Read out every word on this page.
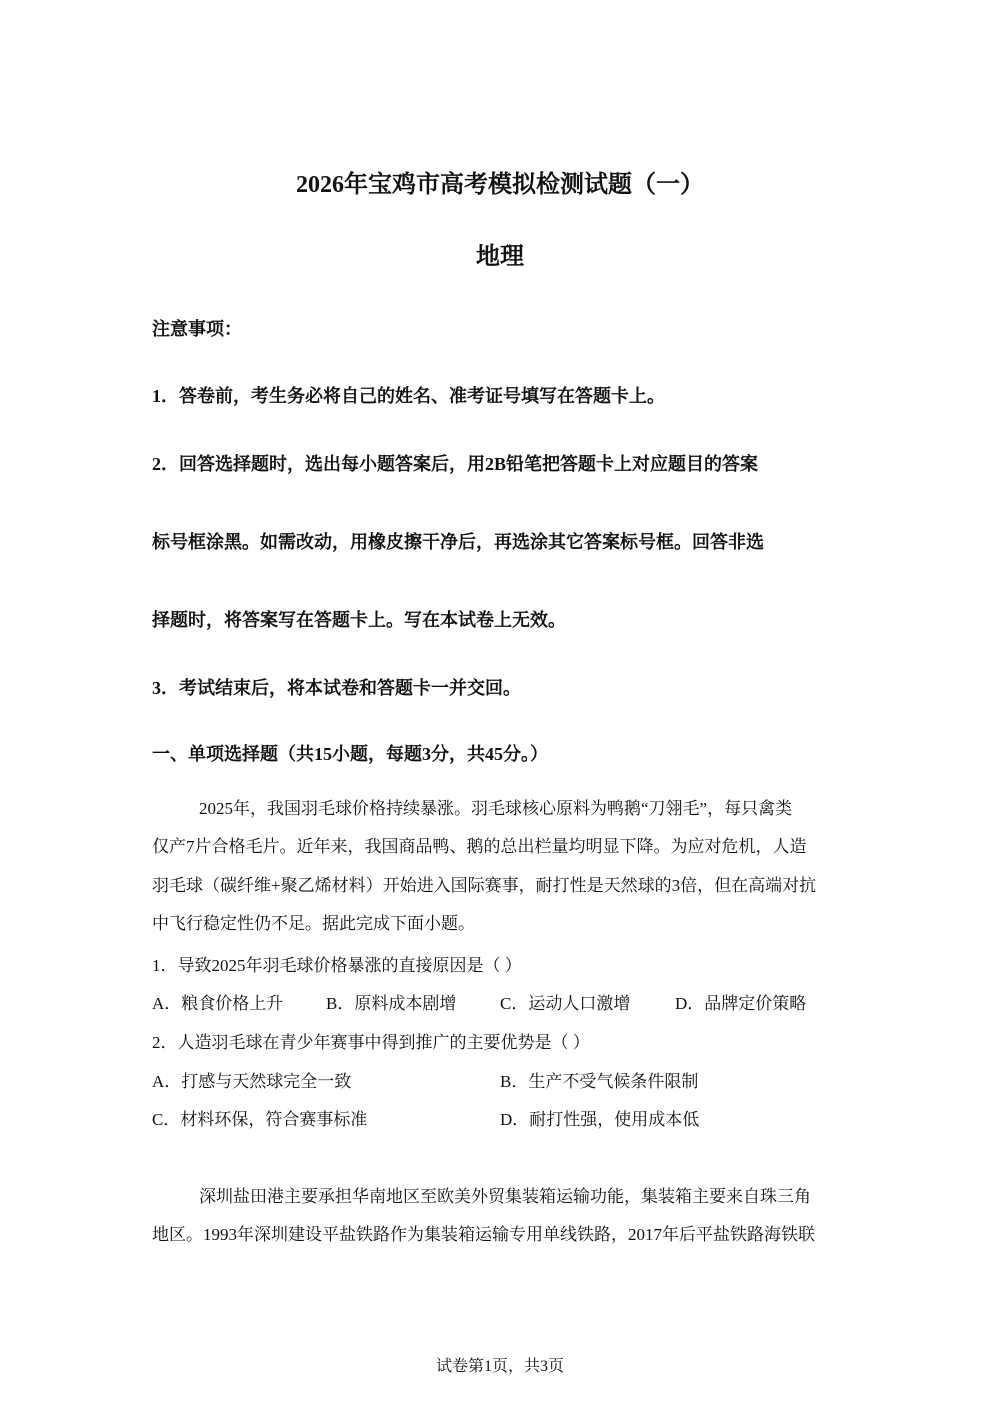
2026年宝鸡市高考模拟检测试题（一）
地理
注意事项：
1．答卷前，考生务必将自己的姓名、准考证号填写在答题卡上。
2．回答选择题时，选出每小题答案后，用2B铅笔把答题卡上对应题目的答案
标号框涂黑。如需改动，用橡皮擦干净后，再选涂其它答案标号框。回答非选
择题时，将答案写在答题卡上。写在本试卷上无效。
3．考试结束后，将本试卷和答题卡一并交回。
一、单项选择题（共15小题，每题3分，共45分。）
2025年，我国羽毛球价格持续暴涨。羽毛球核心原料为鸭鹅“刀翎毛”，每只禽类
仅产7片合格毛片。近年来，我国商品鸭、鹅的总出栏量均明显下降。为应对危机，人造
羽毛球（碳纤维+聚乙烯材料）开始进入国际赛事，耐打性是天然球的3倍，但在高端对抗
中飞行稳定性仍不足。据此完成下面小题。
1．导致2025年羽毛球价格暴涨的直接原因是（ ）
A．粮食价格上升	B．原料成本剧增	C．运动人口激增	D．品牌定价策略
2．人造羽毛球在青少年赛事中得到推广的主要优势是（ ）
A．打感与天然球完全一致	B．生产不受气候条件限制
C．材料环保，符合赛事标准	D．耐打性强，使用成本低
深圳盐田港主要承担华南地区至欧美外贸集装箱运输功能，集装箱主要来自珠三角
地区。1993年深圳建设平盐铁路作为集装箱运输专用单线铁路，2017年后平盐铁路海铁联
试卷第1页，共3页
